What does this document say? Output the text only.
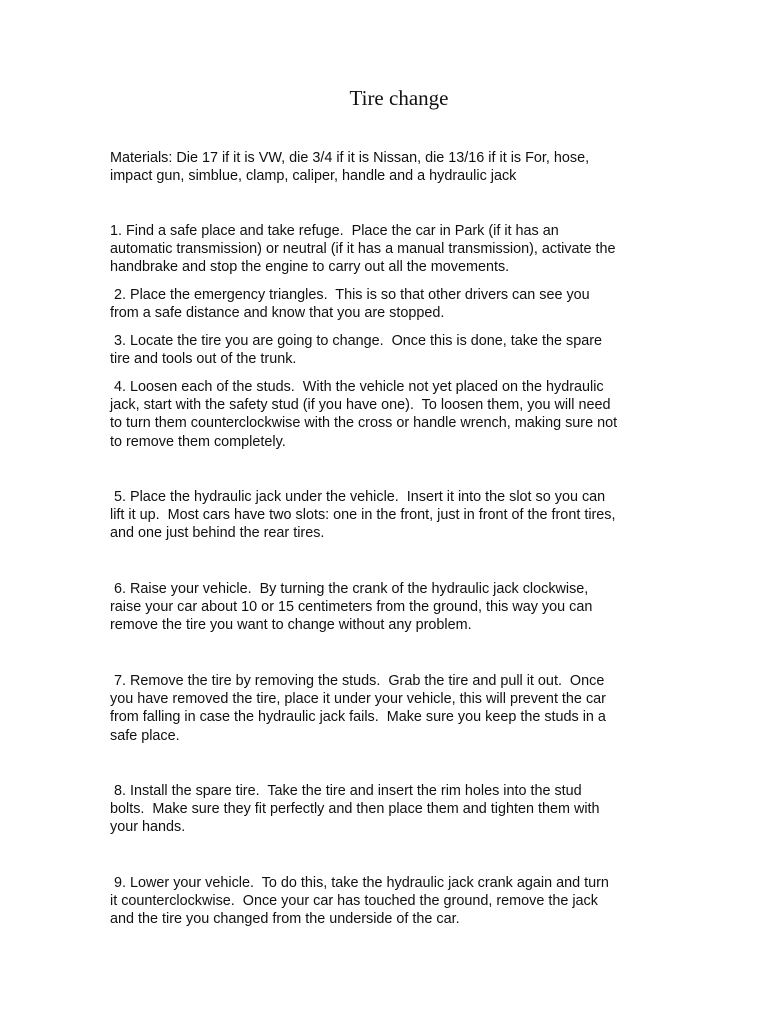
Tire change

Materials: Die 17 if it is VW, die 3/4 if it is Nissan, die 13/16 if it is For, hose,
impact gun, simblue, clamp, caliper, handle and a hydraulic jack

1. Find a safe place and take refuge.  Place the car in Park (if it has an
automatic transmission) or neutral (if it has a manual transmission), activate the
handbrake and stop the engine to carry out all the movements.

2. Place the emergency triangles.  This is so that other drivers can see you
from a safe distance and know that you are stopped.

3. Locate the tire you are going to change.  Once this is done, take the spare
tire and tools out of the trunk.

4. Loosen each of the studs.  With the vehicle not yet placed on the hydraulic
jack, start with the safety stud (if you have one).  To loosen them, you will need
to turn them counterclockwise with the cross or handle wrench, making sure not
to remove them completely.

5. Place the hydraulic jack under the vehicle.  Insert it into the slot so you can
lift it up.  Most cars have two slots: one in the front, just in front of the front tires,
and one just behind the rear tires.

6. Raise your vehicle.  By turning the crank of the hydraulic jack clockwise,
raise your car about 10 or 15 centimeters from the ground, this way you can
remove the tire you want to change without any problem.

7. Remove the tire by removing the studs.  Grab the tire and pull it out.  Once
you have removed the tire, place it under your vehicle, this will prevent the car
from falling in case the hydraulic jack fails.  Make sure you keep the studs in a
safe place.

8. Install the spare tire.  Take the tire and insert the rim holes into the stud
bolts.  Make sure they fit perfectly and then place them and tighten them with
your hands.

9. Lower your vehicle.  To do this, take the hydraulic jack crank again and turn
it counterclockwise.  Once your car has touched the ground, remove the jack
and the tire you changed from the underside of the car.
